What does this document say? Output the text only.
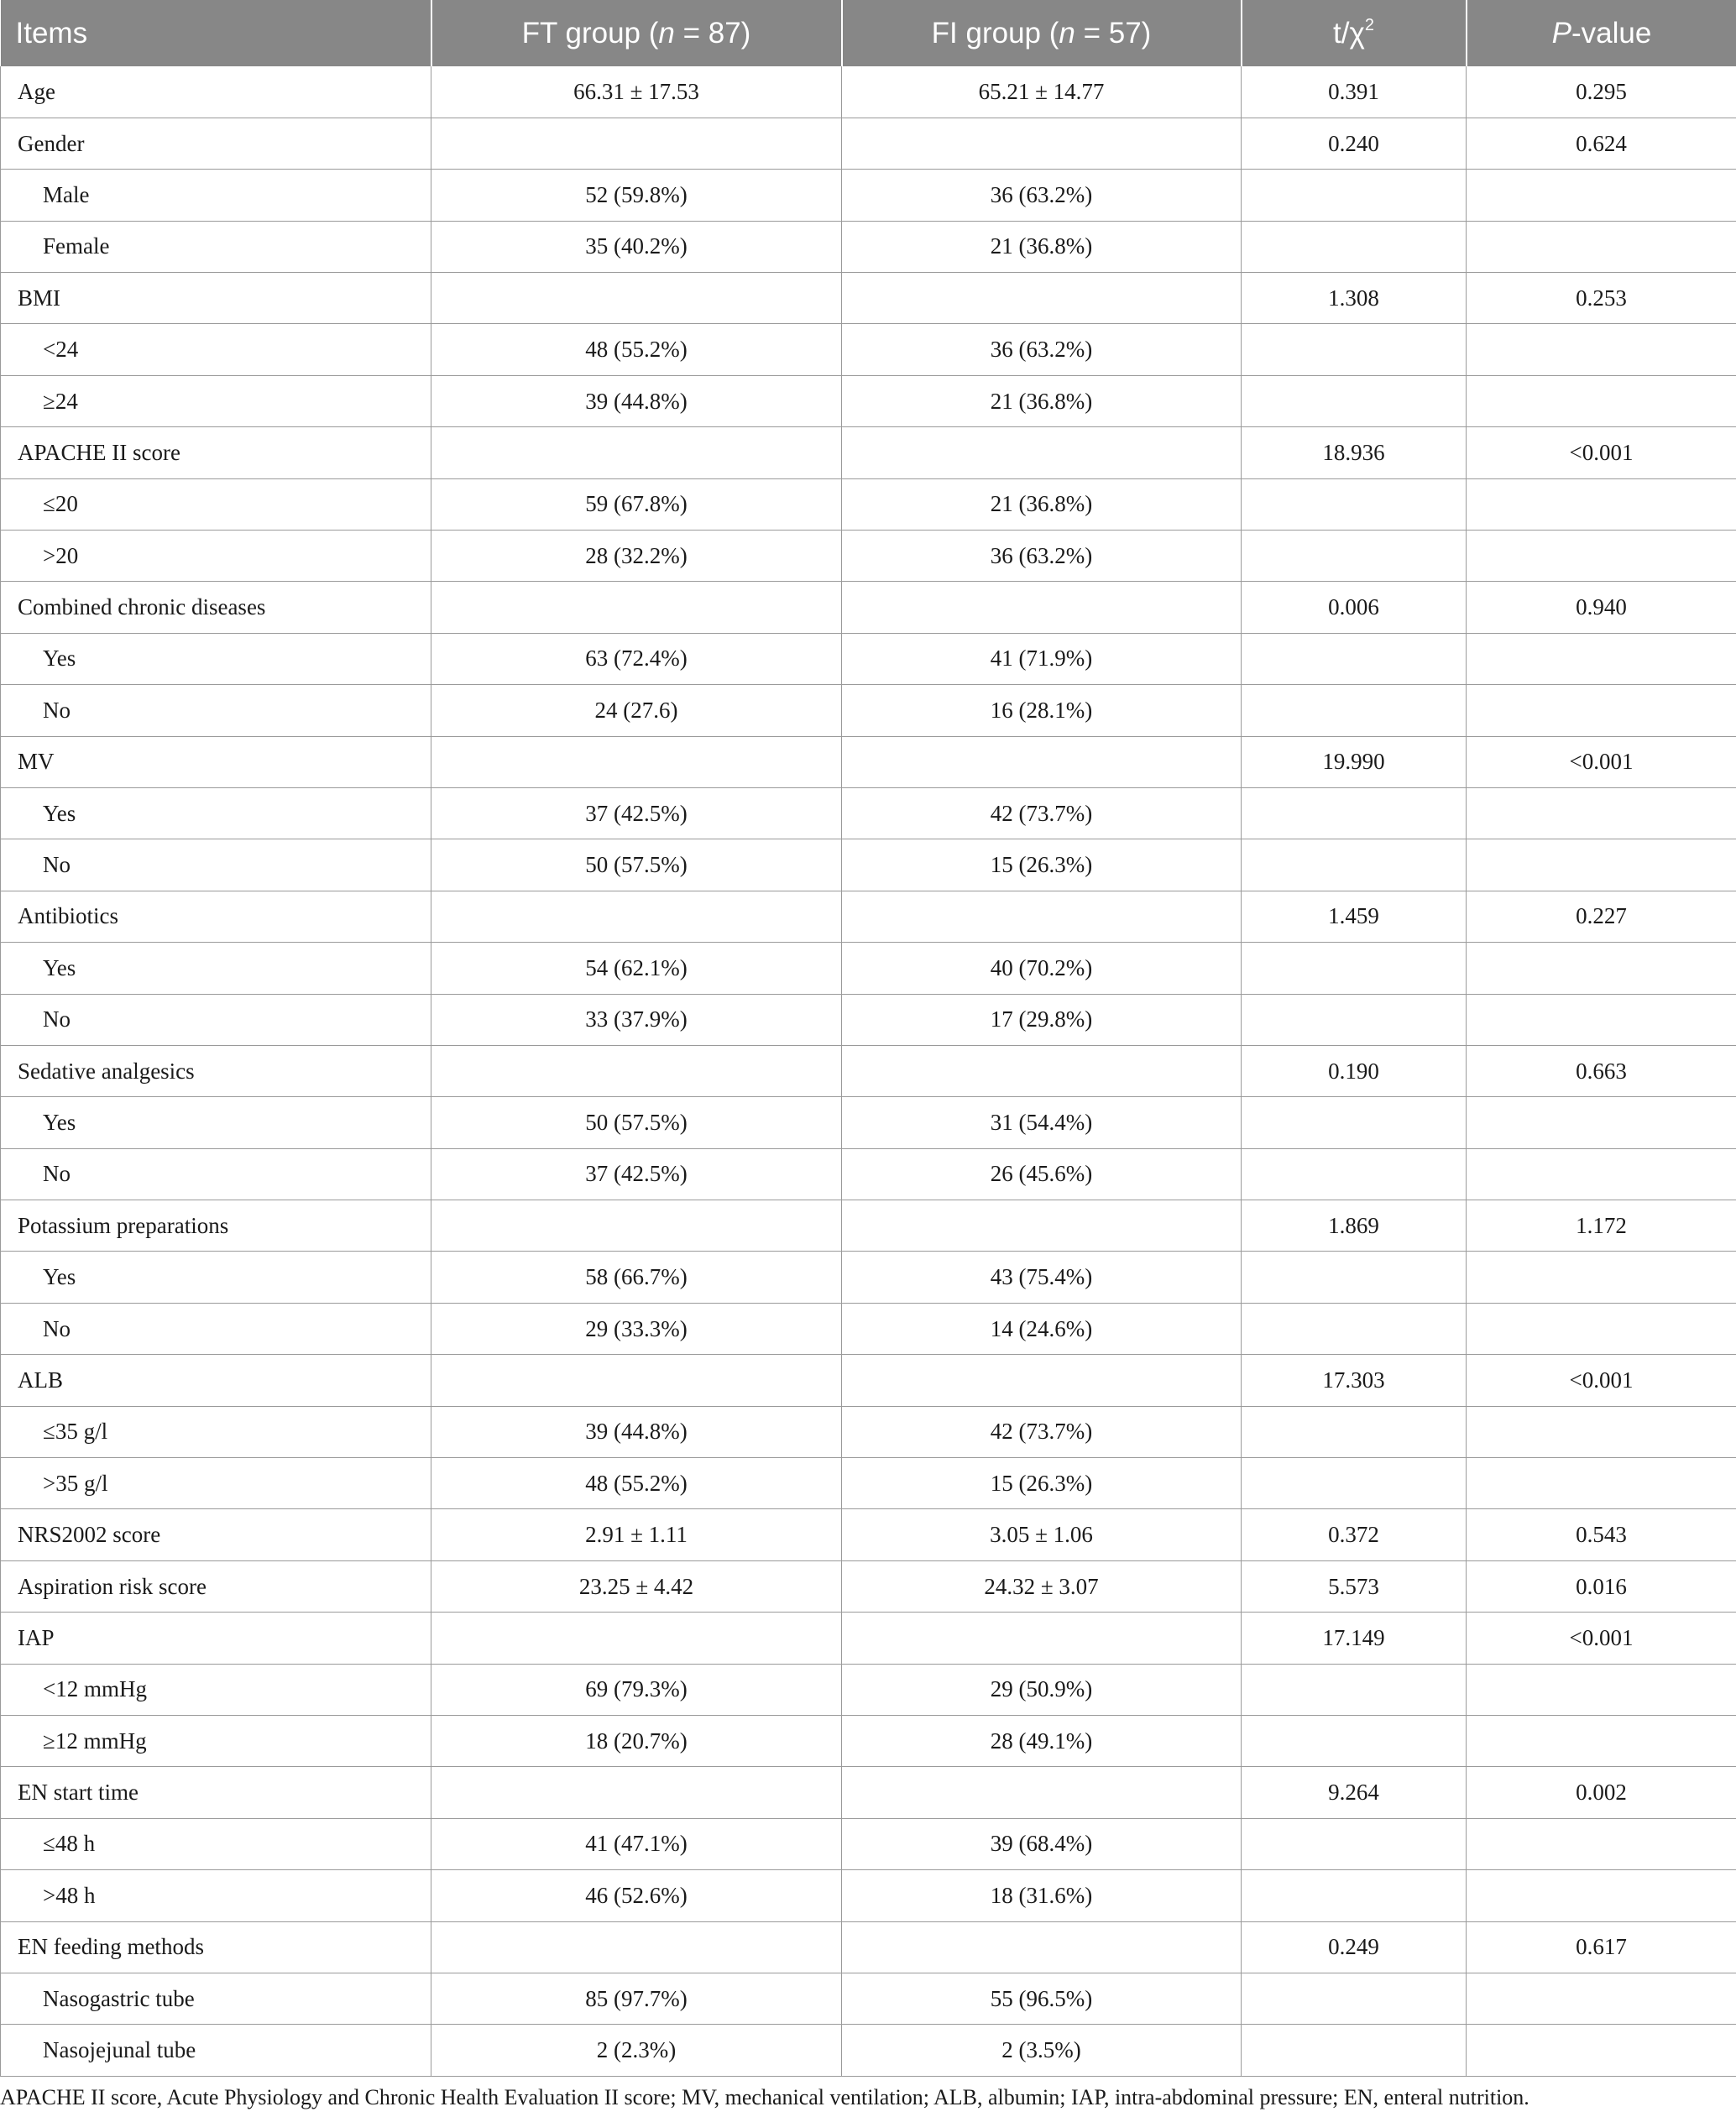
Items	FT group (n = 87)	FI group (n = 57)	$t/\chi^2$	P-value
Age	66.31 ± 17.53	65.21 ± 14.77	0.391	0.295
Gender			0.240	0.624
Male	52 (59.8%)	36 (63.2%)		
Female	35 (40.2%)	21 (36.8%)		
BMI			1.308	0.253
<24	48 (55.2%)	36 (63.2%)		
≥24	39 (44.8%)	21 (36.8%)		
APACHE II score			18.936	<0.001
≤20	59 (67.8%)	21 (36.8%)		
>20	28 (32.2%)	36 (63.2%)		
Combined chronic diseases			0.006	0.940
Yes	63 (72.4%)	41 (71.9%)		
No	24 (27.6)	16 (28.1%)		
MV			19.990	<0.001
Yes	37 (42.5%)	42 (73.7%)		
No	50 (57.5%)	15 (26.3%)		
Antibiotics			1.459	0.227
Yes	54 (62.1%)	40 (70.2%)		
No	33 (37.9%)	17 (29.8%)		
Sedative analgesics			0.190	0.663
Yes	50 (57.5%)	31 (54.4%)		
No	37 (42.5%)	26 (45.6%)		
Potassium preparations			1.869	1.172
Yes	58 (66.7%)	43 (75.4%)		
No	29 (33.3%)	14 (24.6%)		
ALB			17.303	<0.001
≤35 g/l	39 (44.8%)	42 (73.7%)		
>35 g/l	48 (55.2%)	15 (26.3%)		
NRS2002 score	2.91 ± 1.11	3.05 ± 1.06	0.372	0.543
Aspiration risk score	23.25 ± 4.42	24.32 ± 3.07	5.573	0.016
IAP			17.149	<0.001
<12 mmHg	69 (79.3%)	29 (50.9%)		
≥12 mmHg	18 (20.7%)	28 (49.1%)		
EN start time			9.264	0.002
≤48 h	41 (47.1%)	39 (68.4%)		
>48 h	46 (52.6%)	18 (31.6%)		
EN feeding methods			0.249	0.617
Nasogastric tube	85 (97.7%)	55 (96.5%)		
Nasojejunal tube	2 (2.3%)	2 (3.5%)		
APACHE II score, Acute Physiology and Chronic Health Evaluation II score; MV, mechanical ventilation; ALB, albumin; IAP, intra-abdominal pressure; EN, enteral nutrition.
